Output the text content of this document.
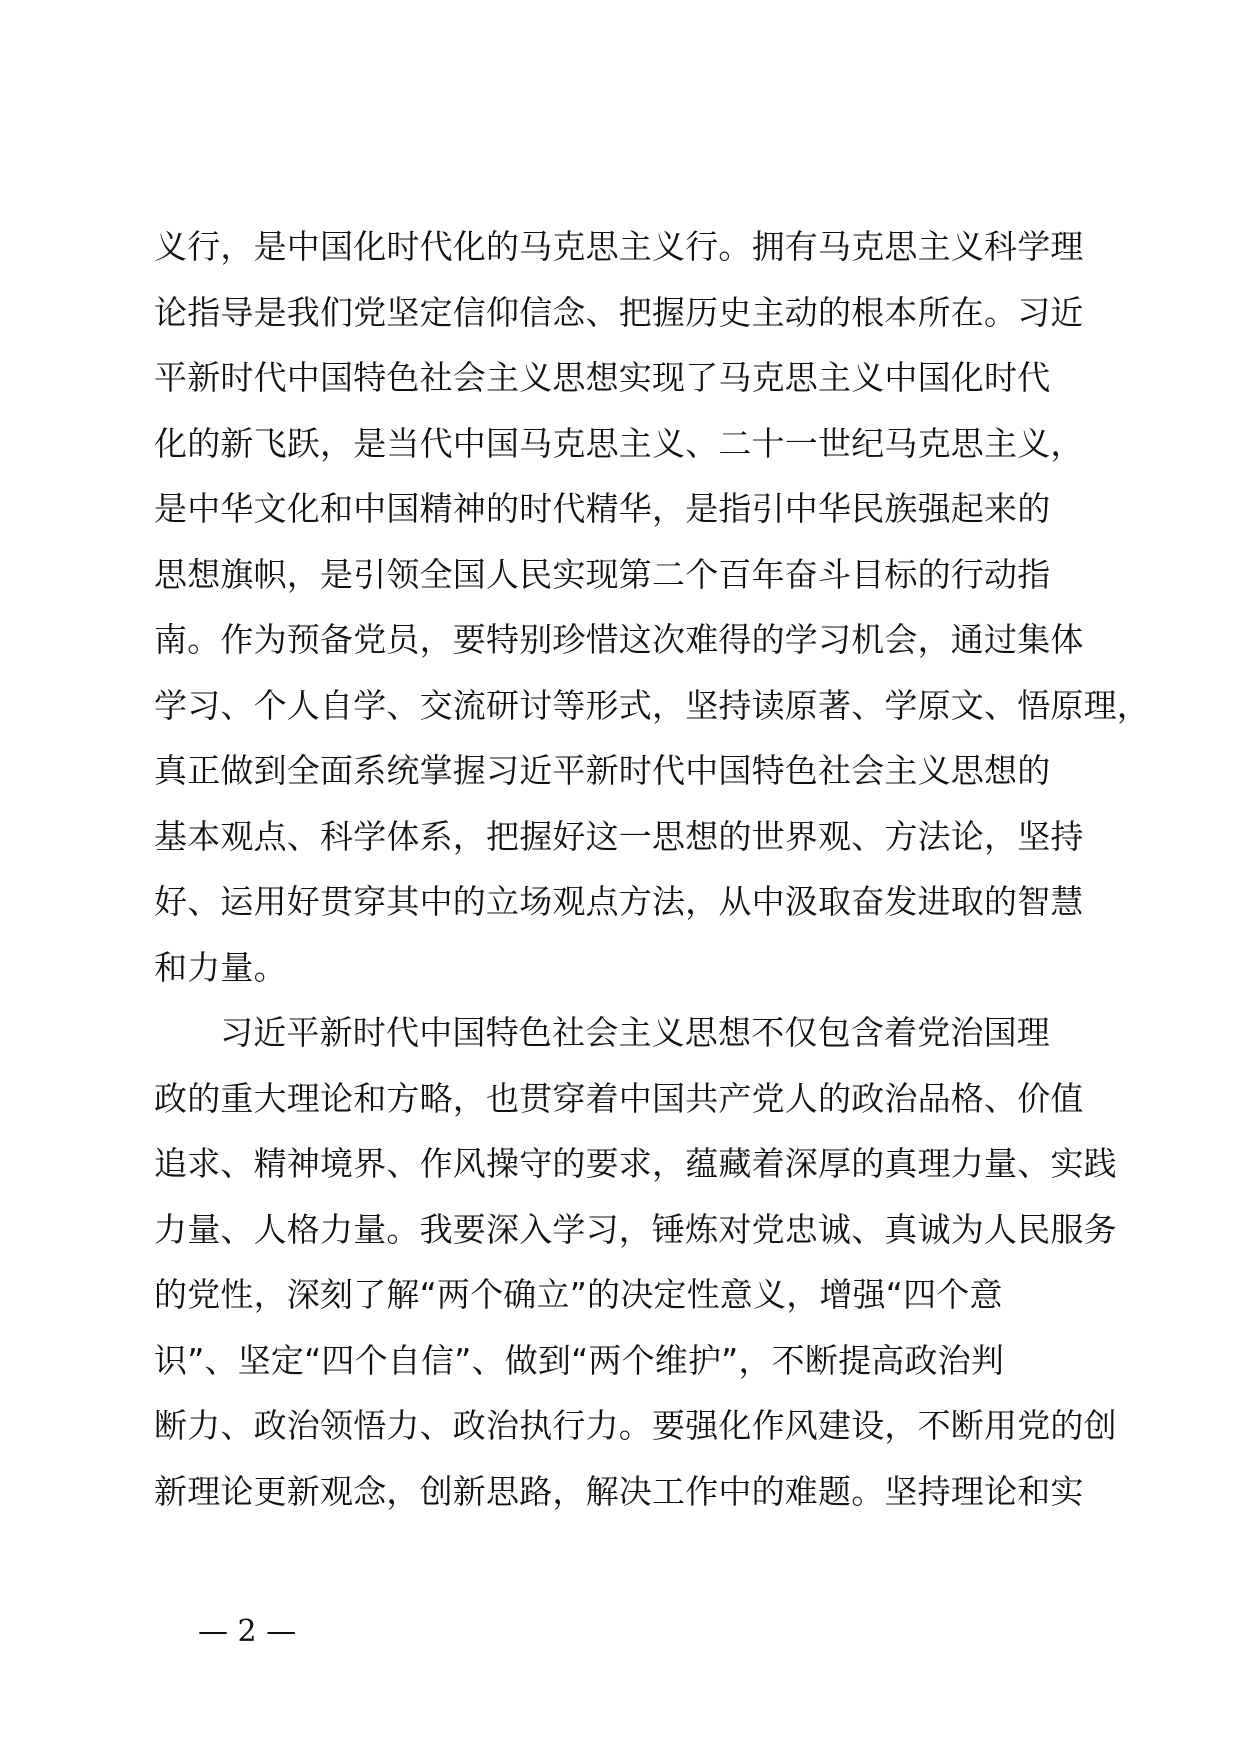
义行，是中国化时代化的马克思主义行。拥有马克思主义科学理
论指导是我们党坚定信仰信念、把握历史主动的根本所在。习近
平新时代中国特色社会主义思想实现了马克思主义中国化时代
化的新飞跃，是当代中国马克思主义、二十一世纪马克思主义，
是中华文化和中国精神的时代精华，是指引中华民族强起来的
思想旗帜，是引领全国人民实现第二个百年奋斗目标的行动指
南。作为预备党员，要特别珍惜这次难得的学习机会，通过集体
学习、个人自学、交流研讨等形式，坚持读原著、学原文、悟原理，
真正做到全面系统掌握习近平新时代中国特色社会主义思想的
基本观点、科学体系，把握好这一思想的世界观、方法论，坚持
好、运用好贯穿其中的立场观点方法，从中汲取奋发进取的智慧
和力量。
习近平新时代中国特色社会主义思想不仅包含着党治国理
政的重大理论和方略，也贯穿着中国共产党人的政治品格、价值
追求、精神境界、作风操守的要求，蕴藏着深厚的真理力量、实践
力量、人格力量。我要深入学习，锤炼对党忠诚、真诚为人民服务
的党性，深刻了解“两个确立”的决定性意义，增强“四个意
识”、坚定“四个自信”、做到“两个维护”，不断提高政治判
断力、政治领悟力、政治执行力。要强化作风建设，不断用党的创
新理论更新观念，创新思路，解决工作中的难题。坚持理论和实
— 2 —
